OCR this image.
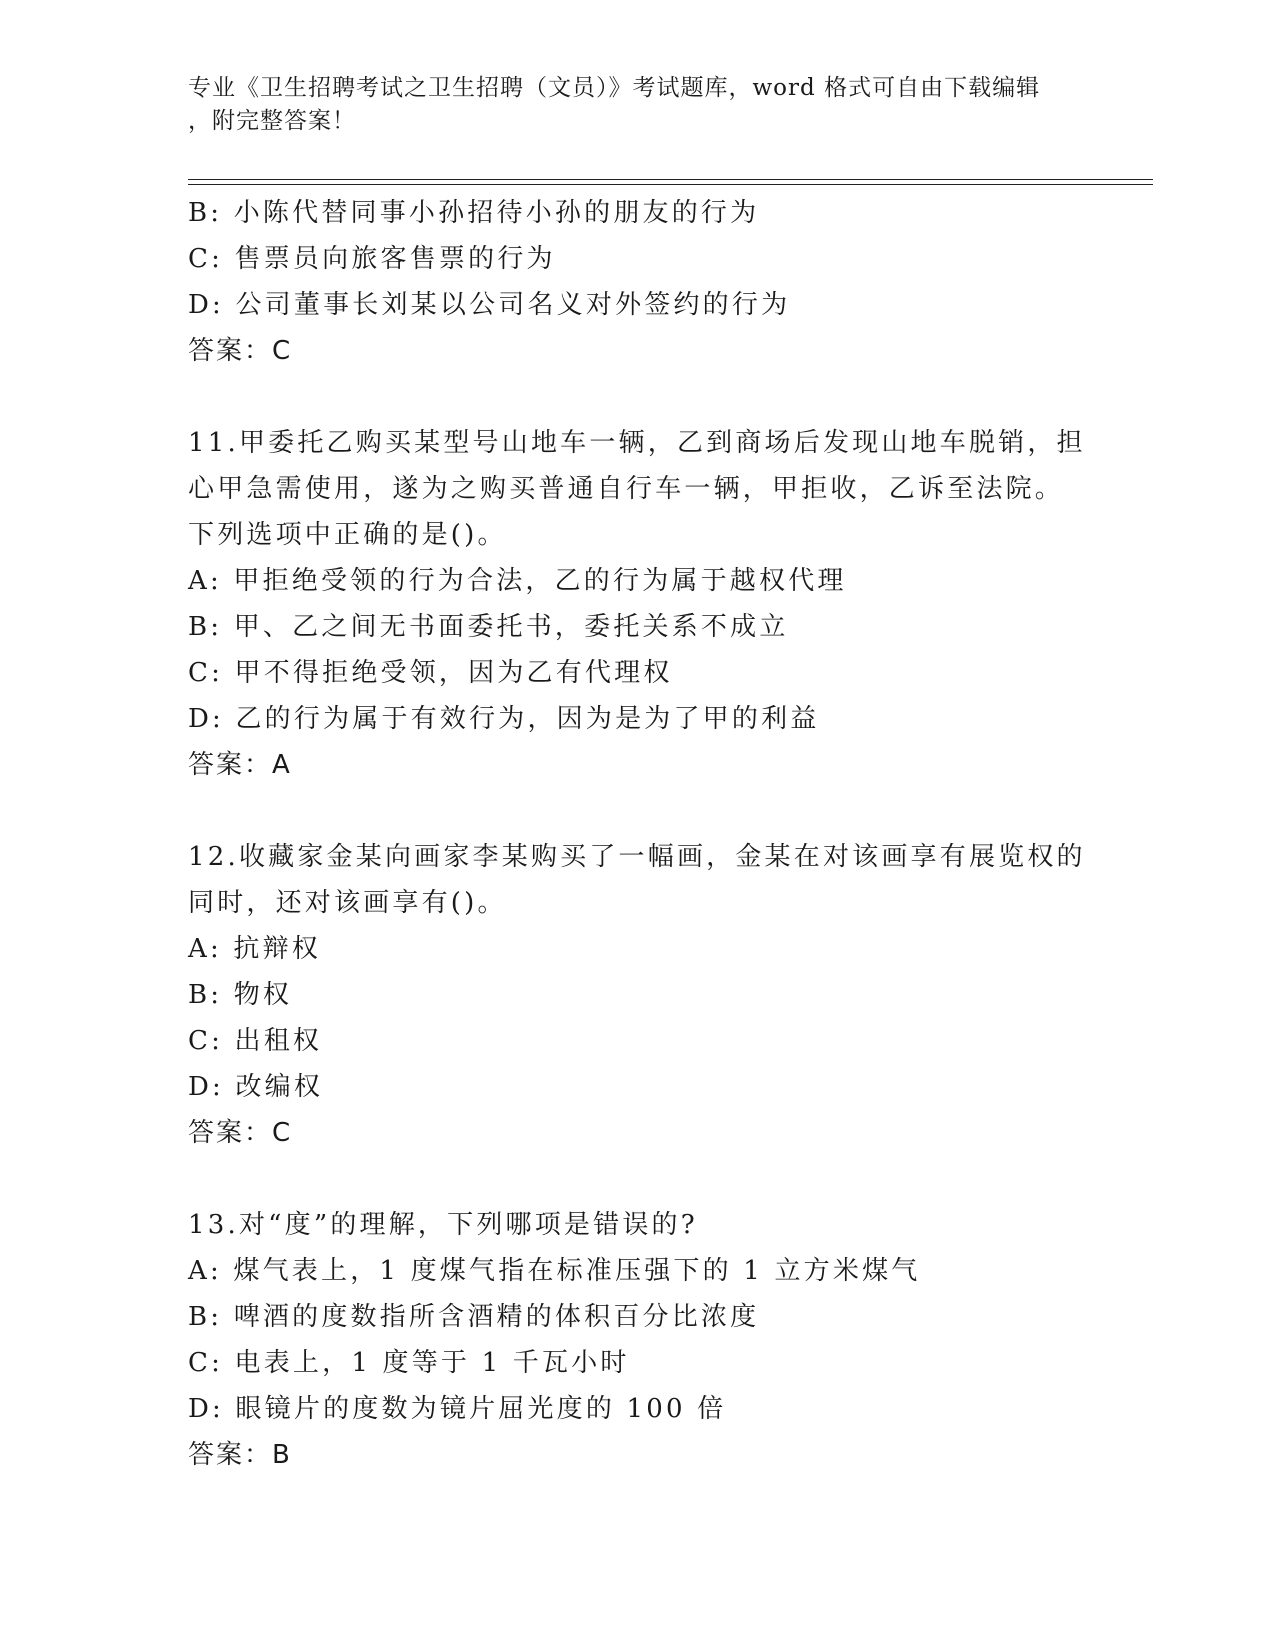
专业《卫生招聘考试之卫生招聘（文员）》考试题库，word 格式可自由下载编辑
，附完整答案！
B: 小陈代替同事小孙招待小孙的朋友的行为
C: 售票员向旅客售票的行为
D: 公司董事长刘某以公司名义对外签约的行为
答案：C
11.甲委托乙购买某型号山地车一辆，乙到商场后发现山地车脱销，担
心甲急需使用，遂为之购买普通自行车一辆，甲拒收，乙诉至法院。
下列选项中正确的是()。
A: 甲拒绝受领的行为合法，乙的行为属于越权代理
B: 甲、乙之间无书面委托书，委托关系不成立
C: 甲不得拒绝受领，因为乙有代理权
D: 乙的行为属于有效行为，因为是为了甲的利益
答案：A
12.收藏家金某向画家李某购买了一幅画，金某在对该画享有展览权的
同时，还对该画享有()。
A: 抗辩权
B: 物权
C: 出租权
D: 改编权
答案：C
13.对“度”的理解，下列哪项是错误的?
A: 煤气表上，1 度煤气指在标准压强下的 1 立方米煤气
B: 啤酒的度数指所含酒精的体积百分比浓度
C: 电表上，1 度等于 1 千瓦小时
D: 眼镜片的度数为镜片屈光度的 100 倍
答案：B
